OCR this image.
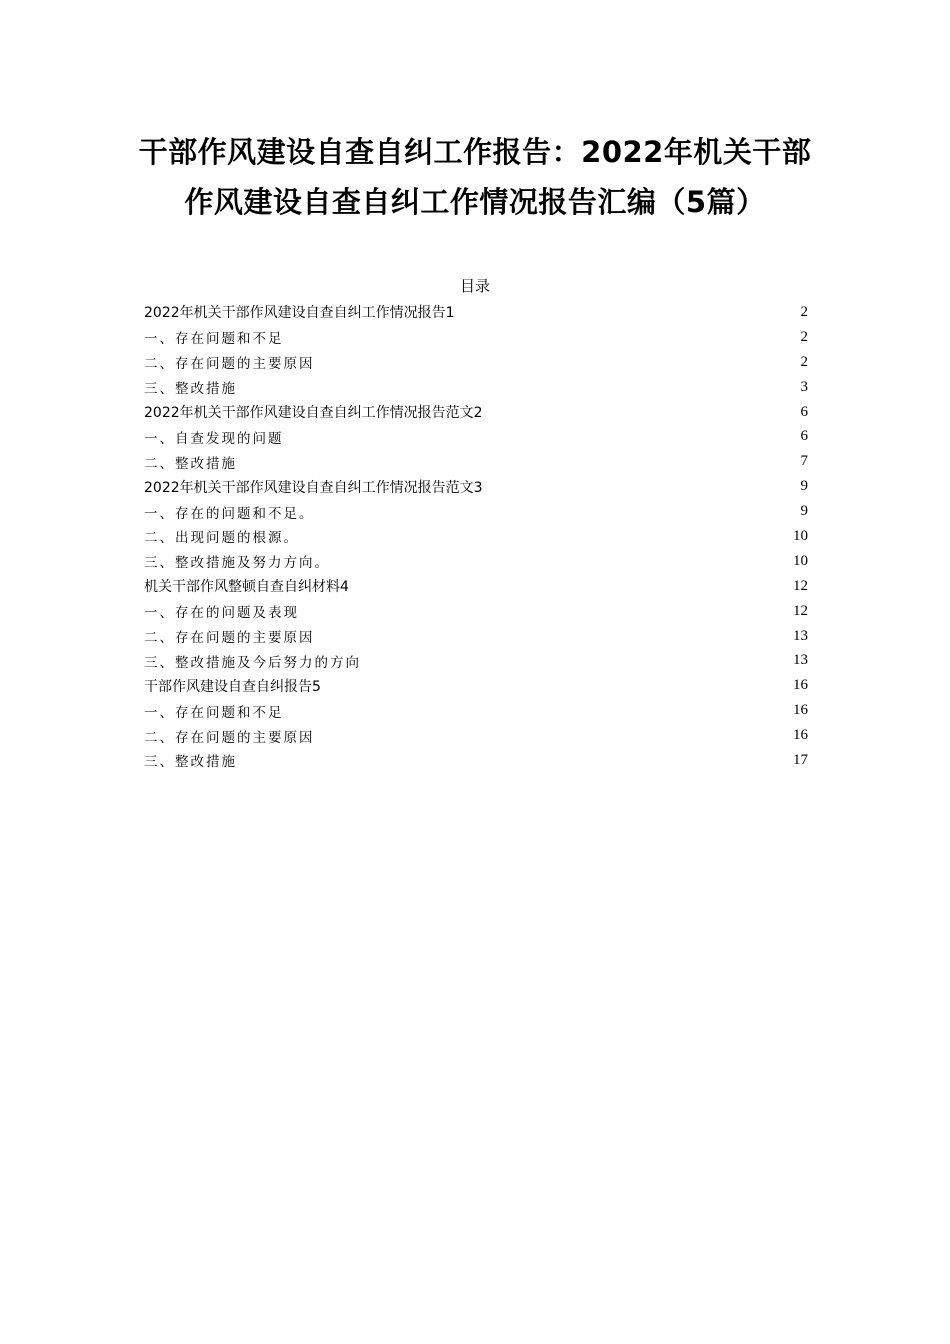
干部作风建设自查自纠工作报告：2022年机关干部
作风建设自查自纠工作情况报告汇编（5篇）
目录
2022年机关干部作风建设自查自纠工作情况报告1	2
一、存在问题和不足	2
二、存在问题的主要原因	2
三、整改措施	3
2022年机关干部作风建设自查自纠工作情况报告范文2	6
一、自查发现的问题	6
二、整改措施	7
2022年机关干部作风建设自查自纠工作情况报告范文3	9
一、存在的问题和不足。	9
二、出现问题的根源。	10
三、整改措施及努力方向。	10
机关干部作风整顿自查自纠材料4	12
一、存在的问题及表现	12
二、存在问题的主要原因	13
三、整改措施及今后努力的方向	13
干部作风建设自查自纠报告5	16
一、存在问题和不足	16
二、存在问题的主要原因	16
三、整改措施	17
